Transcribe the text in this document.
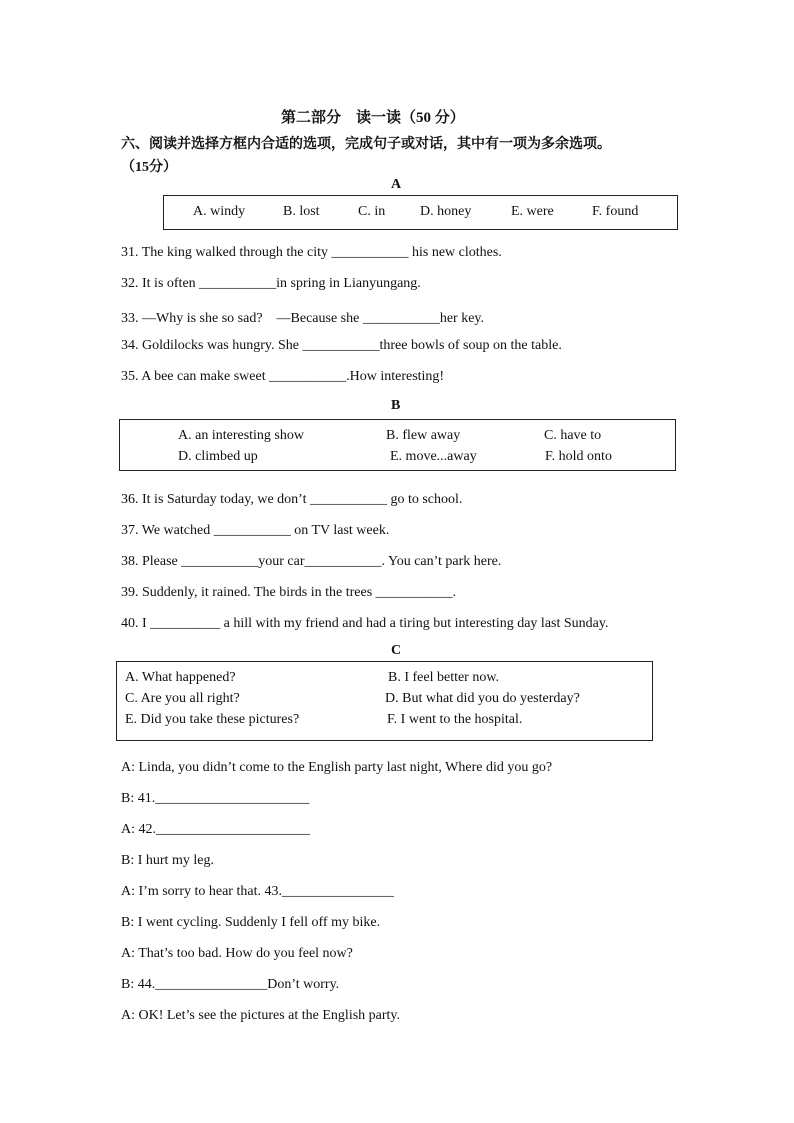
第二部分　读一读（50 分）
六、阅读并选择方框内合适的选项，完成句子或对话，其中有一项为多余选项。
（15分）
A
A. windy	B. lost	C. in D. honey	E. were	F. found
31. The king walked through the city ___________ his new clothes.
32. It is often ___________in spring in Lianyungang.
33. —Why is she so sad?　—Because she ___________her key.
34. Goldilocks was hungry. She ___________three bowls of soup on the table.
35. A bee can make sweet ___________.How interesting!
B
A. an interesting show	B. flew away	C. have to
D. climbed up	E. move...away	F. hold onto
36. It is Saturday today, we don’t ___________ go to school.
37. We watched ___________ on TV last week.
38. Please ___________your car___________. You can’t park here.
39. Suddenly, it rained. The birds in the trees ___________.
40. I __________ a hill with my friend and had a tiring but interesting day last Sunday.
C
A. What happened?	B. I feel better now.
C. Are you all right?	D. But what did you do yesterday?
E. Did you take these pictures?	F. I went to the hospital.
A: Linda, you didn’t come to the English party last night, Where did you go?
B: 41.______________________
A: 42.______________________
B: I hurt my leg.
A: I’m sorry to hear that. 43.________________
B: I went cycling. Suddenly I fell off my bike.
A: That’s too bad. How do you feel now?
B: 44.________________Don’t worry.
A: OK! Let’s see the pictures at the English party.
